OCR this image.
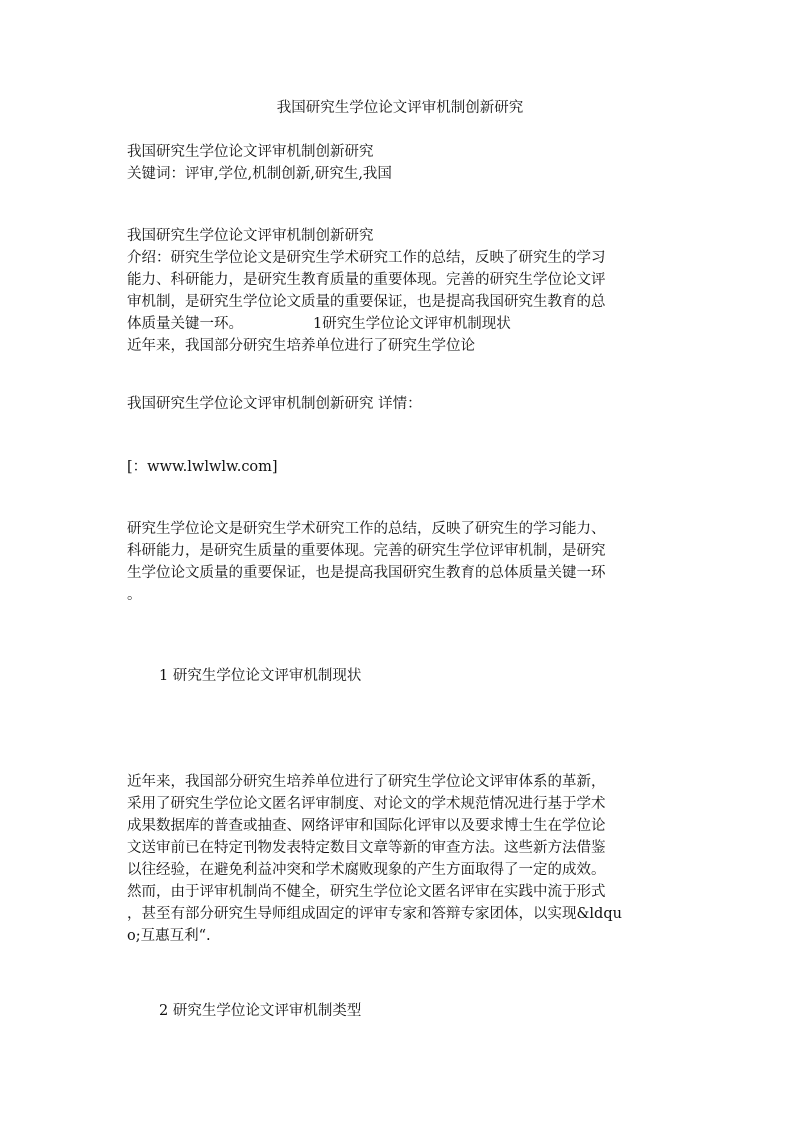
我国研究生学位论文评审机制创新研究
我国研究生学位论文评审机制创新研究
关键词：评审,学位,机制创新,研究生,我国
我国研究生学位论文评审机制创新研究
介绍：研究生学位论文是研究生学术研究工作的总结，反映了研究生的学习
能力、科研能力，是研究生教育质量的重要体现。完善的研究生学位论文评
审机制，是研究生学位论文质量的重要保证，也是提高我国研究生教育的总
体质量关键一环。	1研究生学位论文评审机制现状
近年来，我国部分研究生培养单位进行了研究生学位论
我国研究生学位论文评审机制创新研究 详情：
[：www.lwlwlw.com]
研究生学位论文是研究生学术研究工作的总结，反映了研究生的学习能力、
科研能力，是研究生质量的重要体现。完善的研究生学位评审机制，是研究
生学位论文质量的重要保证，也是提高我国研究生教育的总体质量关键一环
。
1 研究生学位论文评审机制现状
近年来，我国部分研究生培养单位进行了研究生学位论文评审体系的革新，
采用了研究生学位论文匿名评审制度、对论文的学术规范情况进行基于学术
成果数据库的普查或抽查、网络评审和国际化评审以及要求博士生在学位论
文送审前已在特定刊物发表特定数目文章等新的审查方法。这些新方法借鉴
以往经验，在避免利益冲突和学术腐败现象的产生方面取得了一定的成效。
然而，由于评审机制尚不健全，研究生学位论文匿名评审在实践中流于形式
，甚至有部分研究生导师组成固定的评审专家和答辩专家团体，以实现&ldqu
o;互惠互利“.
2 研究生学位论文评审机制类型
